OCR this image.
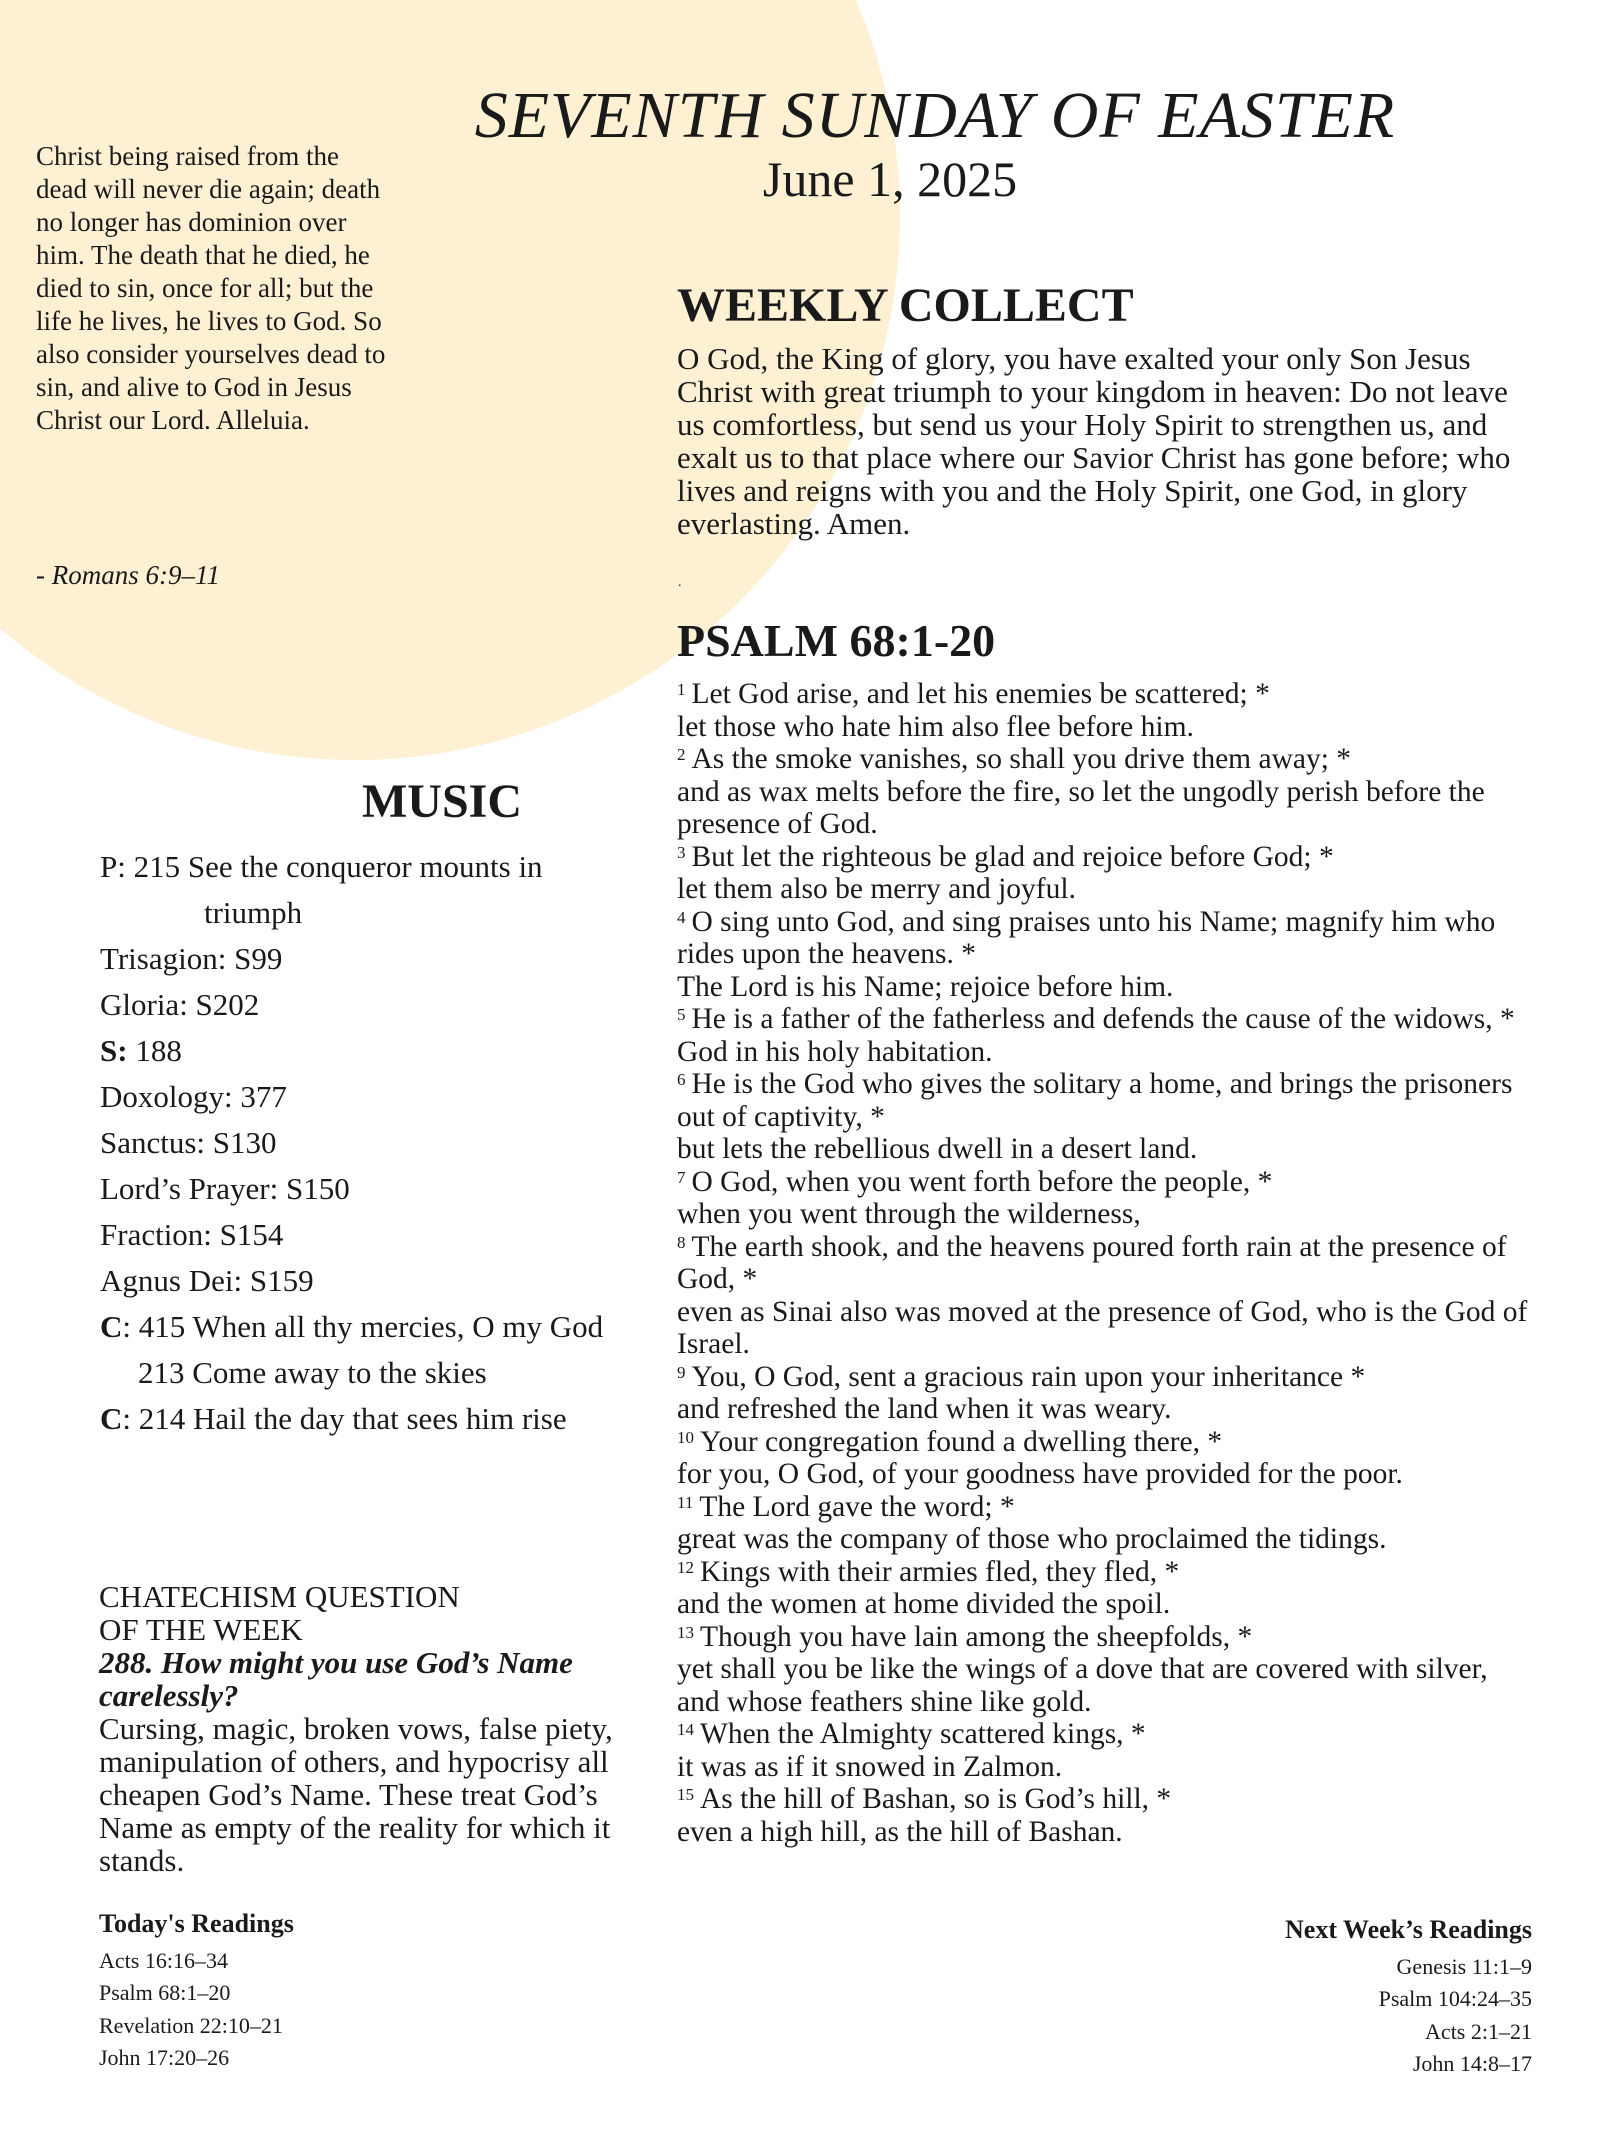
Christ being raised from the dead will never die again; death no longer has dominion over him. The death that he died, he died to sin, once for all; but the life he lives, he lives to God. So also consider yourselves dead to sin, and alive to God in Jesus Christ our Lord. Alleluia.
- Romans 6:9–11
SEVENTH SUNDAY OF EASTER
June 1, 2025
WEEKLY COLLECT
O God, the King of glory, you have exalted your only Son Jesus Christ with great triumph to your kingdom in heaven: Do not leave us comfortless, but send us your Holy Spirit to strengthen us, and exalt us to that place where our Savior Christ has gone before; who lives and reigns with you and the Holy Spirit, one God, in glory everlasting. Amen.
.
PSALM 68:1-20
$^1$ Let God arise, and let his enemies be scattered; *
let those who hate him also flee before him.
$^2$ As the smoke vanishes, so shall you drive them away; *
and as wax melts before the fire, so let the ungodly perish before the presence of God.
$^3$ But let the righteous be glad and rejoice before God; *
let them also be merry and joyful.
$^4$ O sing unto God, and sing praises unto his Name; magnify him who rides upon the heavens. *
The Lord is his Name; rejoice before him.
$^5$ He is a father of the fatherless and defends the cause of the widows, *
God in his holy habitation.
$^6$ He is the God who gives the solitary a home, and brings the prisoners out of captivity, *
but lets the rebellious dwell in a desert land.
$^7$ O God, when you went forth before the people, *
when you went through the wilderness,
$^8$ The earth shook, and the heavens poured forth rain at the presence of God, *
even as Sinai also was moved at the presence of God, who is the God of Israel.
$^9$ You, O God, sent a gracious rain upon your inheritance *
and refreshed the land when it was weary.
$^{10}$ Your congregation found a dwelling there, *
for you, O God, of your goodness have provided for the poor.
$^{11}$ The Lord gave the word; *
great was the company of those who proclaimed the tidings.
$^{12}$ Kings with their armies fled, they fled, *
and the women at home divided the spoil.
$^{13}$ Though you have lain among the sheepfolds, *
yet shall you be like the wings of a dove that are covered with silver, and whose feathers shine like gold.
$^{14}$ When the Almighty scattered kings, *
it was as if it snowed in Zalmon.
$^{15}$ As the hill of Bashan, so is God’s hill, *
even a high hill, as the hill of Bashan.
MUSIC
P: 215 See the conqueror mounts in
triumph
Trisagion: S99
Gloria: S202
S: 188
Doxology: 377
Sanctus: S130
Lord’s Prayer: S150
Fraction: S154
Agnus Dei: S159
C: 415 When all thy mercies, O my God
213 Come away to the skies
C: 214 Hail the day that sees him rise
CHATECHISM QUESTION
OF THE WEEK
288. How might you use God’s Name carelessly?
Cursing, magic, broken vows, false piety, manipulation of others, and hypocrisy all cheapen God’s Name. These treat God’s Name as empty of the reality for which it stands.
Today's Readings
Acts 16:16–34
Psalm 68:1–20
Revelation 22:10–21
John 17:20–26
Next Week’s Readings
Genesis 11:1–9
Psalm 104:24–35
Acts 2:1–21
John 14:8–17
